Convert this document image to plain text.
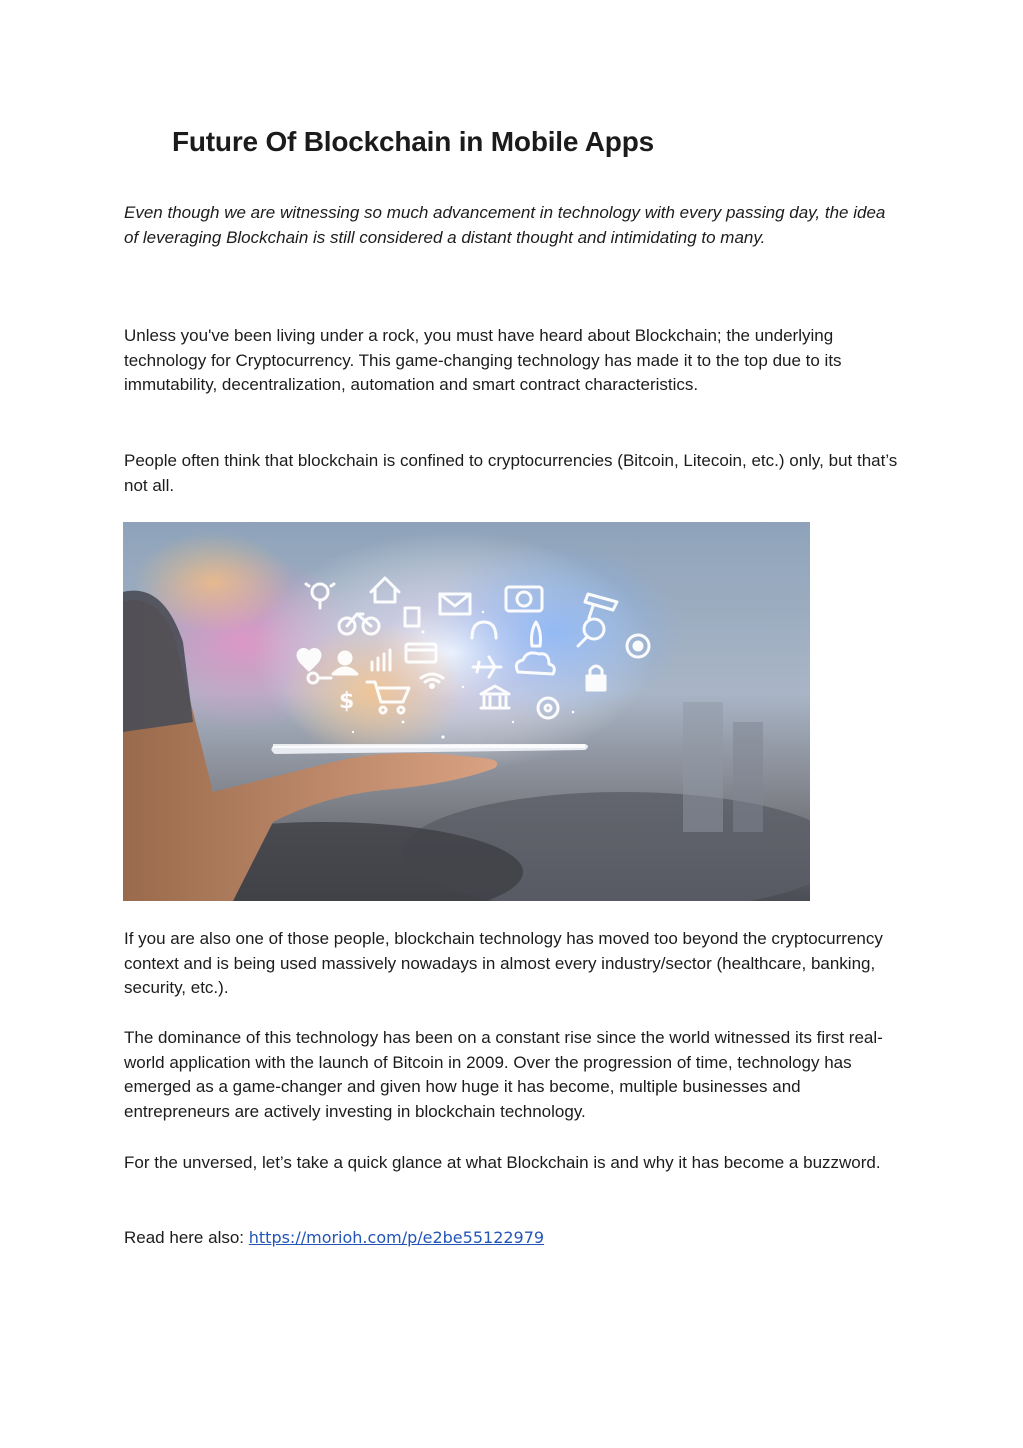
Future Of Blockchain in Mobile Apps

Even though we are witnessing so much advancement in technology with every passing day, the idea of leveraging Blockchain is still considered a distant thought and intimidating to many.

Unless you've been living under a rock, you must have heard about Blockchain; the underlying technology for Cryptocurrency. This game-changing technology has made it to the top due to its immutability, decentralization, automation and smart contract characteristics.

People often think that blockchain is confined to cryptocurrencies (Bitcoin, Litecoin, etc.) only, but that’s not all.

$

If you are also one of those people, blockchain technology has moved too beyond the cryptocurrency context and is being used massively nowadays in almost every industry/sector (healthcare, banking, security, etc.).

The dominance of this technology has been on a constant rise since the world witnessed its first real-world application with the launch of Bitcoin in 2009. Over the progression of time, technology has emerged as a game-changer and given how huge it has become, multiple businesses and entrepreneurs are actively investing in blockchain technology.

For the unversed, let’s take a quick glance at what Blockchain is and why it has become a buzzword.

Read here also: https://morioh.com/p/e2be55122979
